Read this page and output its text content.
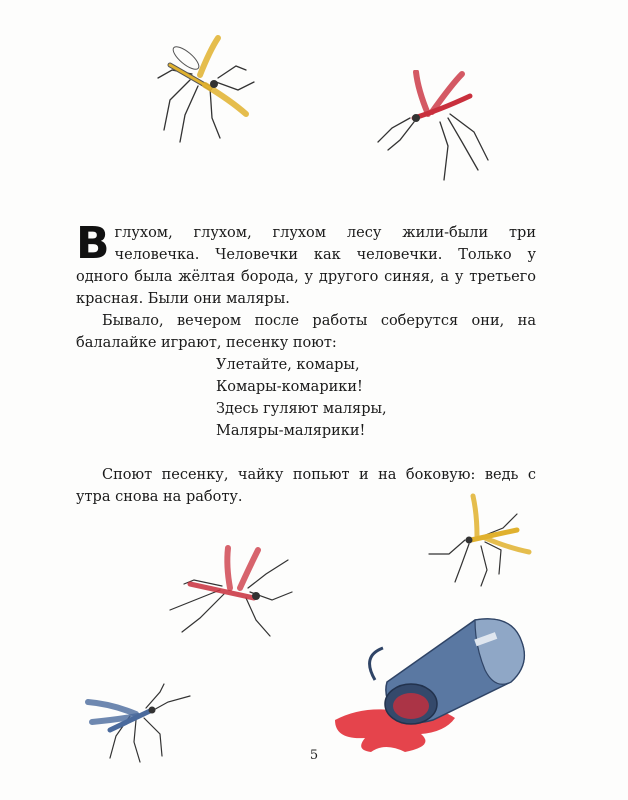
Вглухом, глухом, глухом лесу жили-были три человечка. Человечки как человечки. Только у одного была жёлтая борода, у другого синяя, а у третьего красная. Были они маляры.

Бывало, вечером после работы соберутся они, на балалайке играют, песенку поют:

Улетайте, комары,
Комары-комарики!
Здесь гуляют маляры,
Маляры-малярики!

Споют песенку, чайку попьют и на боковую: ведь с утра снова на работу.

5
